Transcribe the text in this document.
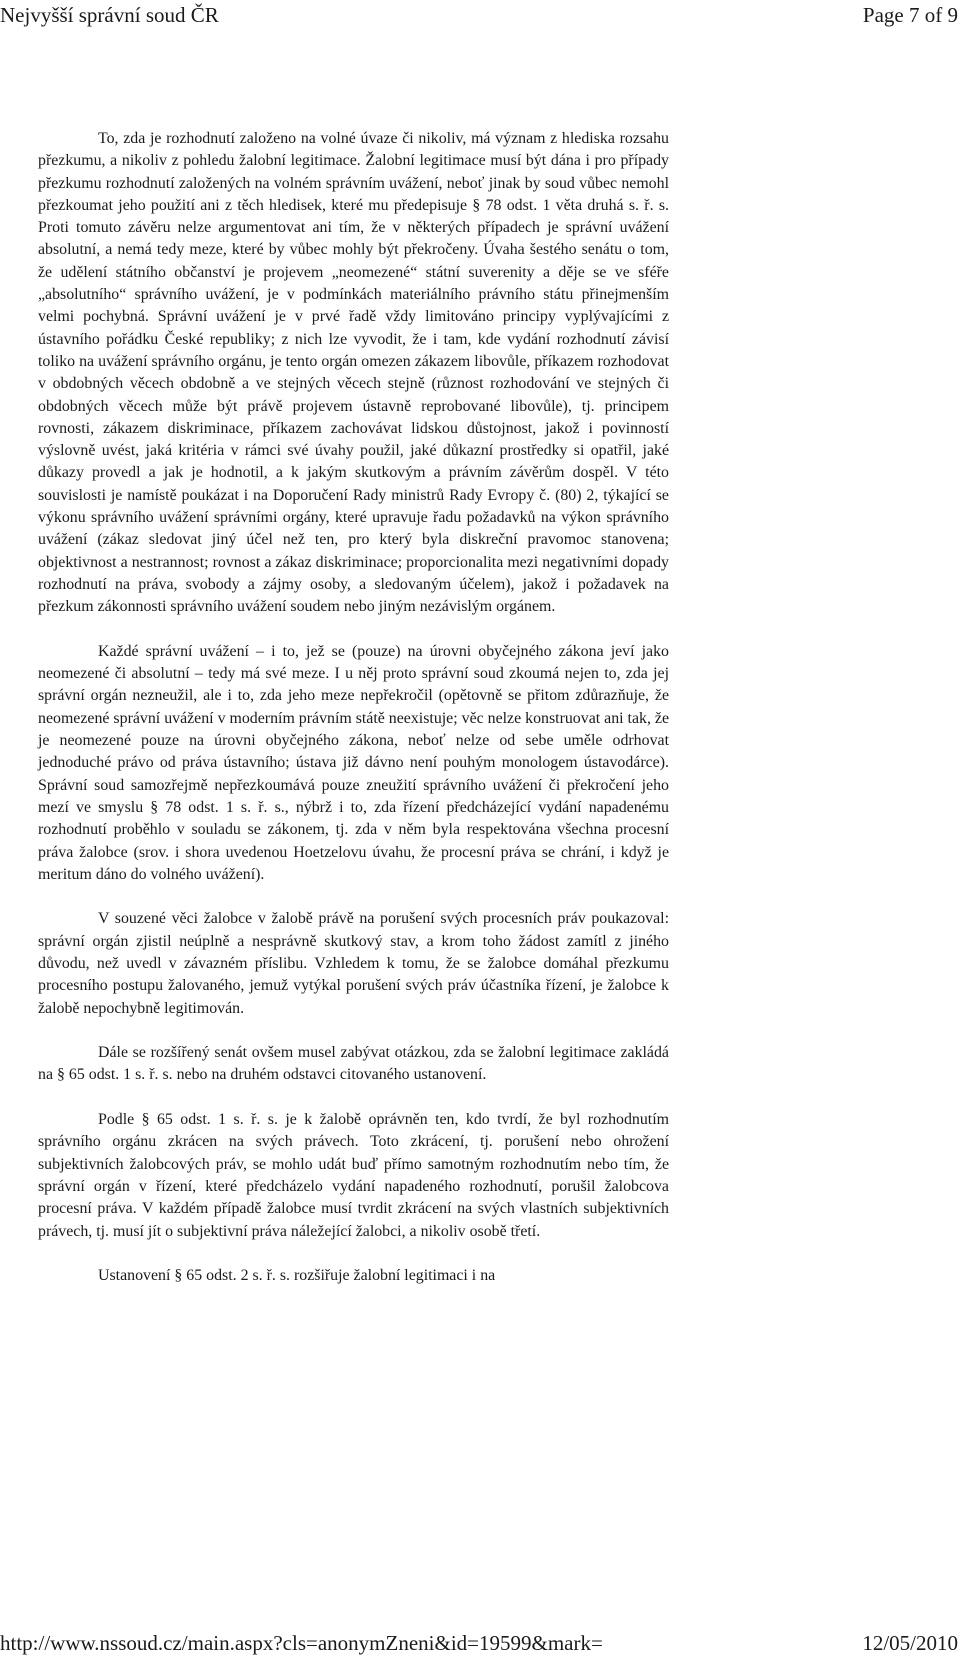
Nejvyšší správní soud ČR	Page 7 of 9

To, zda je rozhodnutí založeno na volné úvaze či nikoliv, má význam z hlediska rozsahu přezkumu, a nikoliv z pohledu žalobní legitimace. Žalobní legitimace musí být dána i pro případy přezkumu rozhodnutí založených na volném správním uvážení, neboť jinak by soud vůbec nemohl přezkoumat jeho použití ani z těch hledisek, které mu předepisuje § 78 odst. 1 věta druhá s. ř. s. Proti tomuto závěru nelze argumentovat ani tím, že v některých případech je správní uvážení absolutní, a nemá tedy meze, které by vůbec mohly být překročeny. Úvaha šestého senátu o tom, že udělení státního občanství je projevem „neomezené“ státní suverenity a děje se ve sféře „absolutního“ správního uvážení, je v podmínkách materiálního právního státu přinejmenším velmi pochybná. Správní uvážení je v prvé řadě vždy limitováno principy vyplývajícími z ústavního pořádku České republiky; z nich lze vyvodit, že i tam, kde vydání rozhodnutí závisí toliko na uvážení správního orgánu, je tento orgán omezen zákazem libovůle, příkazem rozhodovat v obdobných věcech obdobně a ve stejných věcech stejně (různost rozhodování ve stejných či obdobných věcech může být právě projevem ústavně reprobované libovůle), tj. principem rovnosti, zákazem diskriminace, příkazem zachovávat lidskou důstojnost, jakož i povinností výslovně uvést, jaká kritéria v rámci své úvahy použil, jaké důkazní prostředky si opatřil, jaké důkazy provedl a jak je hodnotil, a k jakým skutkovým a právním závěrům dospěl. V této souvislosti je namístě poukázat i na Doporučení Rady ministrů Rady Evropy č. (80) 2, týkající se výkonu správního uvážení správními orgány, které upravuje řadu požadavků na výkon správního uvážení (zákaz sledovat jiný účel než ten, pro který byla diskreční pravomoc stanovena; objektivnost a nestrannost; rovnost a zákaz diskriminace; proporcionalita mezi negativními dopady rozhodnutí na práva, svobody a zájmy osoby, a sledovaným účelem), jakož i požadavek na přezkum zákonnosti správního uvážení soudem nebo jiným nezávislým orgánem.

Každé správní uvážení – i to, jež se (pouze) na úrovni obyčejného zákona jeví jako neomezené či absolutní – tedy má své meze. I u něj proto správní soud zkoumá nejen to, zda jej správní orgán nezneužil, ale i to, zda jeho meze nepřekročil (opětovně se přitom zdůrazňuje, že neomezené správní uvážení v moderním právním státě neexistuje; věc nelze konstruovat ani tak, že je neomezené pouze na úrovni obyčejného zákona, neboť nelze od sebe uměle odrhovat jednoduché právo od práva ústavního; ústava již dávno není pouhým monologem ústavodárce). Správní soud samozřejmě nepřezkoumává pouze zneužití správního uvážení či překročení jeho mezí ve smyslu § 78 odst. 1 s. ř. s., nýbrž i to, zda řízení předcházející vydání napadenému rozhodnutí proběhlo v souladu se zákonem, tj. zda v něm byla respektována všechna procesní práva žalobce (srov. i shora uvedenou Hoetzelovu úvahu, že procesní práva se chrání, i když je meritum dáno do volného uvážení).

V souzené věci žalobce v žalobě právě na porušení svých procesních práv poukazoval: správní orgán zjistil neúplně a nesprávně skutkový stav, a krom toho žádost zamítl z jiného důvodu, než uvedl v závazném příslibu. Vzhledem k tomu, že se žalobce domáhal přezkumu procesního postupu žalovaného, jemuž vytýkal porušení svých práv účastníka řízení, je žalobce k žalobě nepochybně legitimován.

Dále se rozšířený senát ovšem musel zabývat otázkou, zda se žalobní legitimace zakládá na § 65 odst. 1 s. ř. s. nebo na druhém odstavci citovaného ustanovení.

Podle § 65 odst. 1 s. ř. s. je k žalobě oprávněn ten, kdo tvrdí, že byl rozhodnutím správního orgánu zkrácen na svých právech. Toto zkrácení, tj. porušení nebo ohrožení subjektivních žalobcových práv, se mohlo udát buď přímo samotným rozhodnutím nebo tím, že správní orgán v řízení, které předcházelo vydání napadeného rozhodnutí, porušil žalobcova procesní práva. V každém případě žalobce musí tvrdit zkrácení na svých vlastních subjektivních právech, tj. musí jít o subjektivní práva náležející žalobci, a nikoliv osobě třetí.

Ustanovení § 65 odst. 2 s. ř. s. rozšiřuje žalobní legitimaci i na

http://www.nssoud.cz/main.aspx?cls=anonymZneni&id=19599&mark=	12/05/2010
